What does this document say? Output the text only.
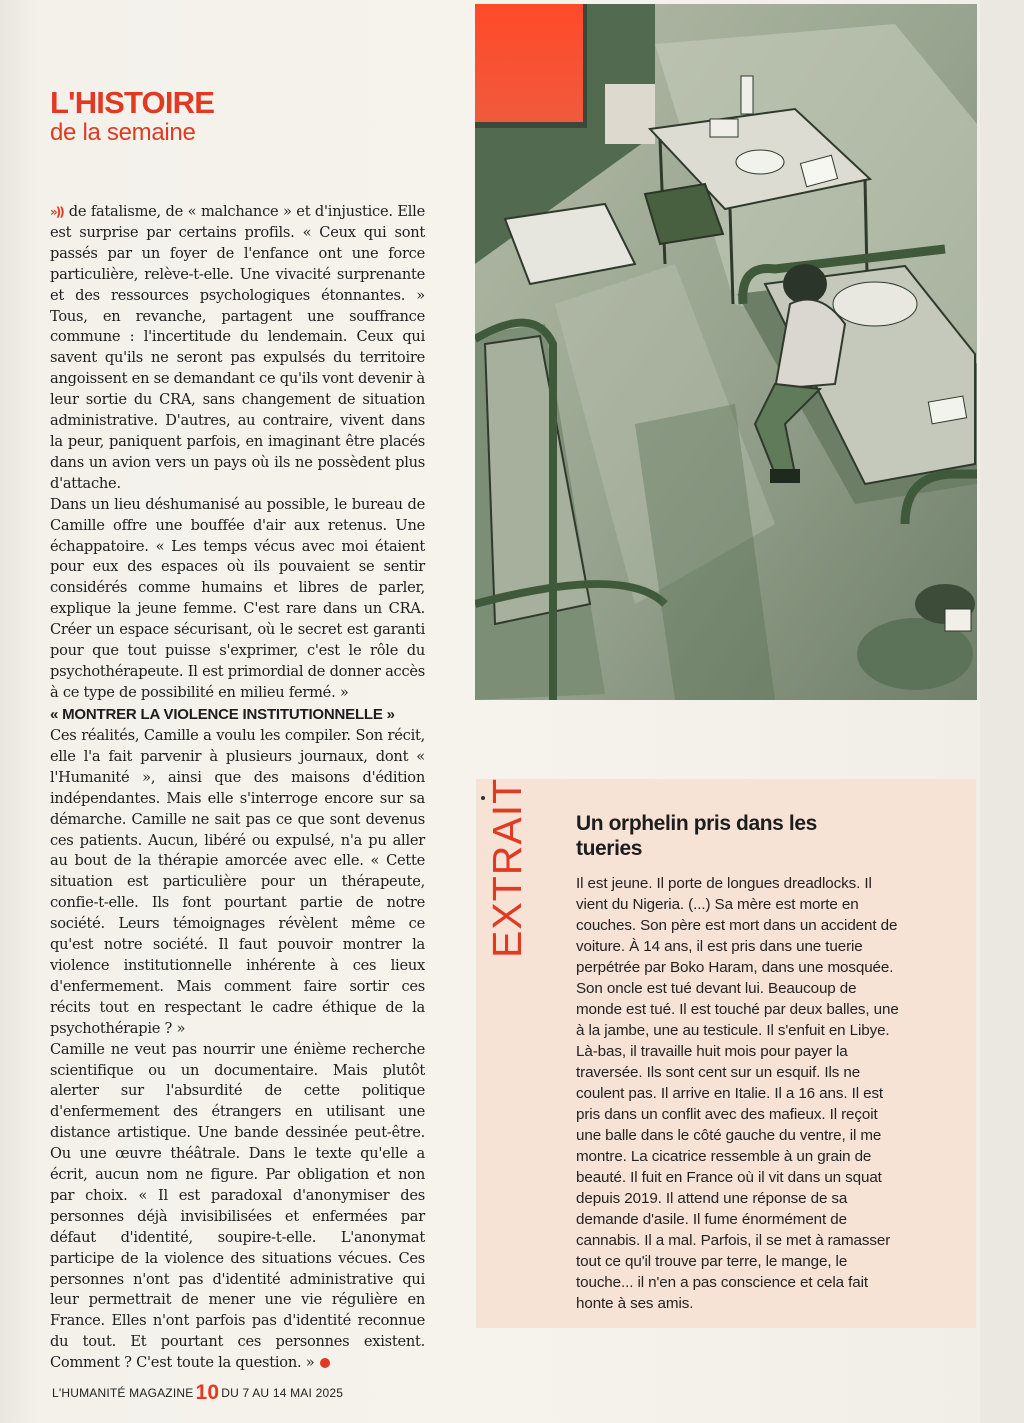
L'HISTOIRE
de la semaine

»)) de fatalisme, de « malchance » et d'injustice. Elle est surprise par certains profils. « Ceux qui sont passés par un foyer de l'enfance ont une force particulière, relève-t-elle. Une vivacité surprenante et des ressources psychologiques étonnantes. » Tous, en revanche, partagent une souffrance commune : l'incertitude du lendemain. Ceux qui savent qu'ils ne seront pas expulsés du territoire angoissent en se demandant ce qu'ils vont devenir à leur sortie du CRA, sans changement de situation administrative. D'autres, au contraire, vivent dans la peur, paniquent parfois, en imaginant être placés dans un avion vers un pays où ils ne possèdent plus d'attache.

Dans un lieu déshumanisé au possible, le bureau de Camille offre une bouffée d'air aux retenus. Une échappatoire. « Les temps vécus avec moi étaient pour eux des espaces où ils pouvaient se sentir considérés comme humains et libres de parler, explique la jeune femme. C'est rare dans un CRA. Créer un espace sécurisant, où le secret est garanti pour que tout puisse s'exprimer, c'est le rôle du psychothérapeute. Il est primordial de donner accès à ce type de possibilité en milieu fermé. »

« MONTRER LA VIOLENCE INSTITUTIONNELLE »

Ces réalités, Camille a voulu les compiler. Son récit, elle l'a fait parvenir à plusieurs journaux, dont « l'Humanité », ainsi que des maisons d'édition indépendantes. Mais elle s'interroge encore sur sa démarche. Camille ne sait pas ce que sont devenus ces patients. Aucun, libéré ou expulsé, n'a pu aller au bout de la thérapie amorcée avec elle. « Cette situation est particulière pour un thérapeute, confie-t-elle. Ils font pourtant partie de notre société. Leurs témoignages révèlent même ce qu'est notre société. Il faut pouvoir montrer la violence institutionnelle inhérente à ces lieux d'enfermement. Mais comment faire sortir ces récits tout en respectant le cadre éthique de la psychothérapie ? »

Camille ne veut pas nourrir une énième recherche scientifique ou un documentaire. Mais plutôt alerter sur l'absurdité de cette politique d'enfermement des étrangers en utilisant une distance artistique. Une bande dessinée peut-être. Ou une œuvre théâtrale. Dans le texte qu'elle a écrit, aucun nom ne figure. Par obligation et non par choix. « Il est paradoxal d'anonymiser des personnes déjà invisibilisées et enfermées par défaut d'identité, soupire-t-elle. L'anonymat participe de la violence des situations vécues. Ces personnes n'ont pas d'identité administrative qui leur permettrait de mener une vie régulière en France. Elles n'ont parfois pas d'identité reconnue du tout. Et pourtant ces personnes existent. Comment ? C'est toute la question. »

EXTRAIT Un orphelin pris dans les tueries

Il est jeune. Il porte de longues dreadlocks. Il vient du Nigeria. (...) Sa mère est morte en couches. Son père est mort dans un accident de voiture. À 14 ans, il est pris dans une tuerie perpétrée par Boko Haram, dans une mosquée. Son oncle est tué devant lui. Beaucoup de monde est tué. Il est touché par deux balles, une à la jambe, une au testicule. Il s'enfuit en Libye. Là-bas, il travaille huit mois pour payer la traversée. Ils sont cent sur un esquif. Ils ne coulent pas. Il arrive en Italie. Il a 16 ans. Il est pris dans un conflit avec des mafieux. Il reçoit une balle dans le côté gauche du ventre, il me montre. La cicatrice ressemble à un grain de beauté. Il fuit en France où il vit dans un squat depuis 2019. Il attend une réponse de sa demande d'asile. Il fume énormément de cannabis. Il a mal. Parfois, il se met à ramasser tout ce qu'il trouve par terre, le mange, le touche... il n'en a pas conscience et cela fait honte à ses amis.

L'HUMANITÉ MAGAZINE10 DU 7 AU 14 MAI 2025
